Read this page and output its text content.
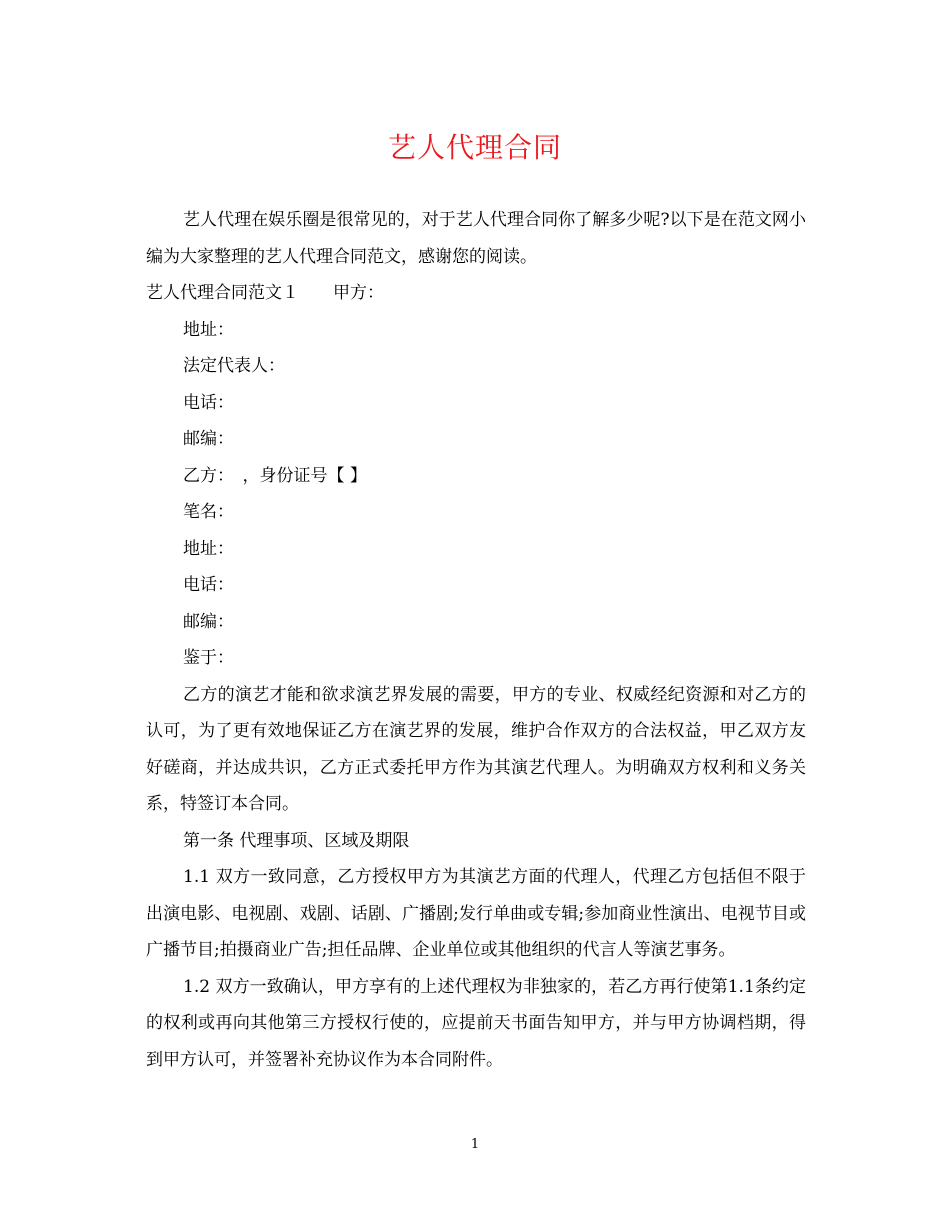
艺人代理合同

艺人代理在娱乐圈是很常见的，对于艺人代理合同你了解多少呢?以下是在范文网小编为大家整理的艺人代理合同范文，感谢您的阅读。

艺人代理合同范文１　　甲方：

地址：

法定代表人：

电话：

邮编：

乙方：　，身份证号【 】

笔名：

地址：

电话：

邮编：

鉴于：

乙方的演艺才能和欲求演艺界发展的需要，甲方的专业、权威经纪资源和对乙方的认可，为了更有效地保证乙方在演艺界的发展，维护合作双方的合法权益，甲乙双方友好磋商，并达成共识，乙方正式委托甲方作为其演艺代理人。为明确双方权利和义务关系，特签订本合同。

第一条 代理事项、区域及期限

1.1 双方一致同意，乙方授权甲方为其演艺方面的代理人，代理乙方包括但不限于出演电影、电视剧、戏剧、话剧、广播剧;发行单曲或专辑;参加商业性演出、电视节目或广播节目;拍摄商业广告;担任品牌、企业单位或其他组织的代言人等演艺事务。

1.2 双方一致确认，甲方享有的上述代理权为非独家的，若乙方再行使第1.1条约定的权利或再向其他第三方授权行使的，应提前天书面告知甲方，并与甲方协调档期，得到甲方认可，并签署补充协议作为本合同附件。

1
